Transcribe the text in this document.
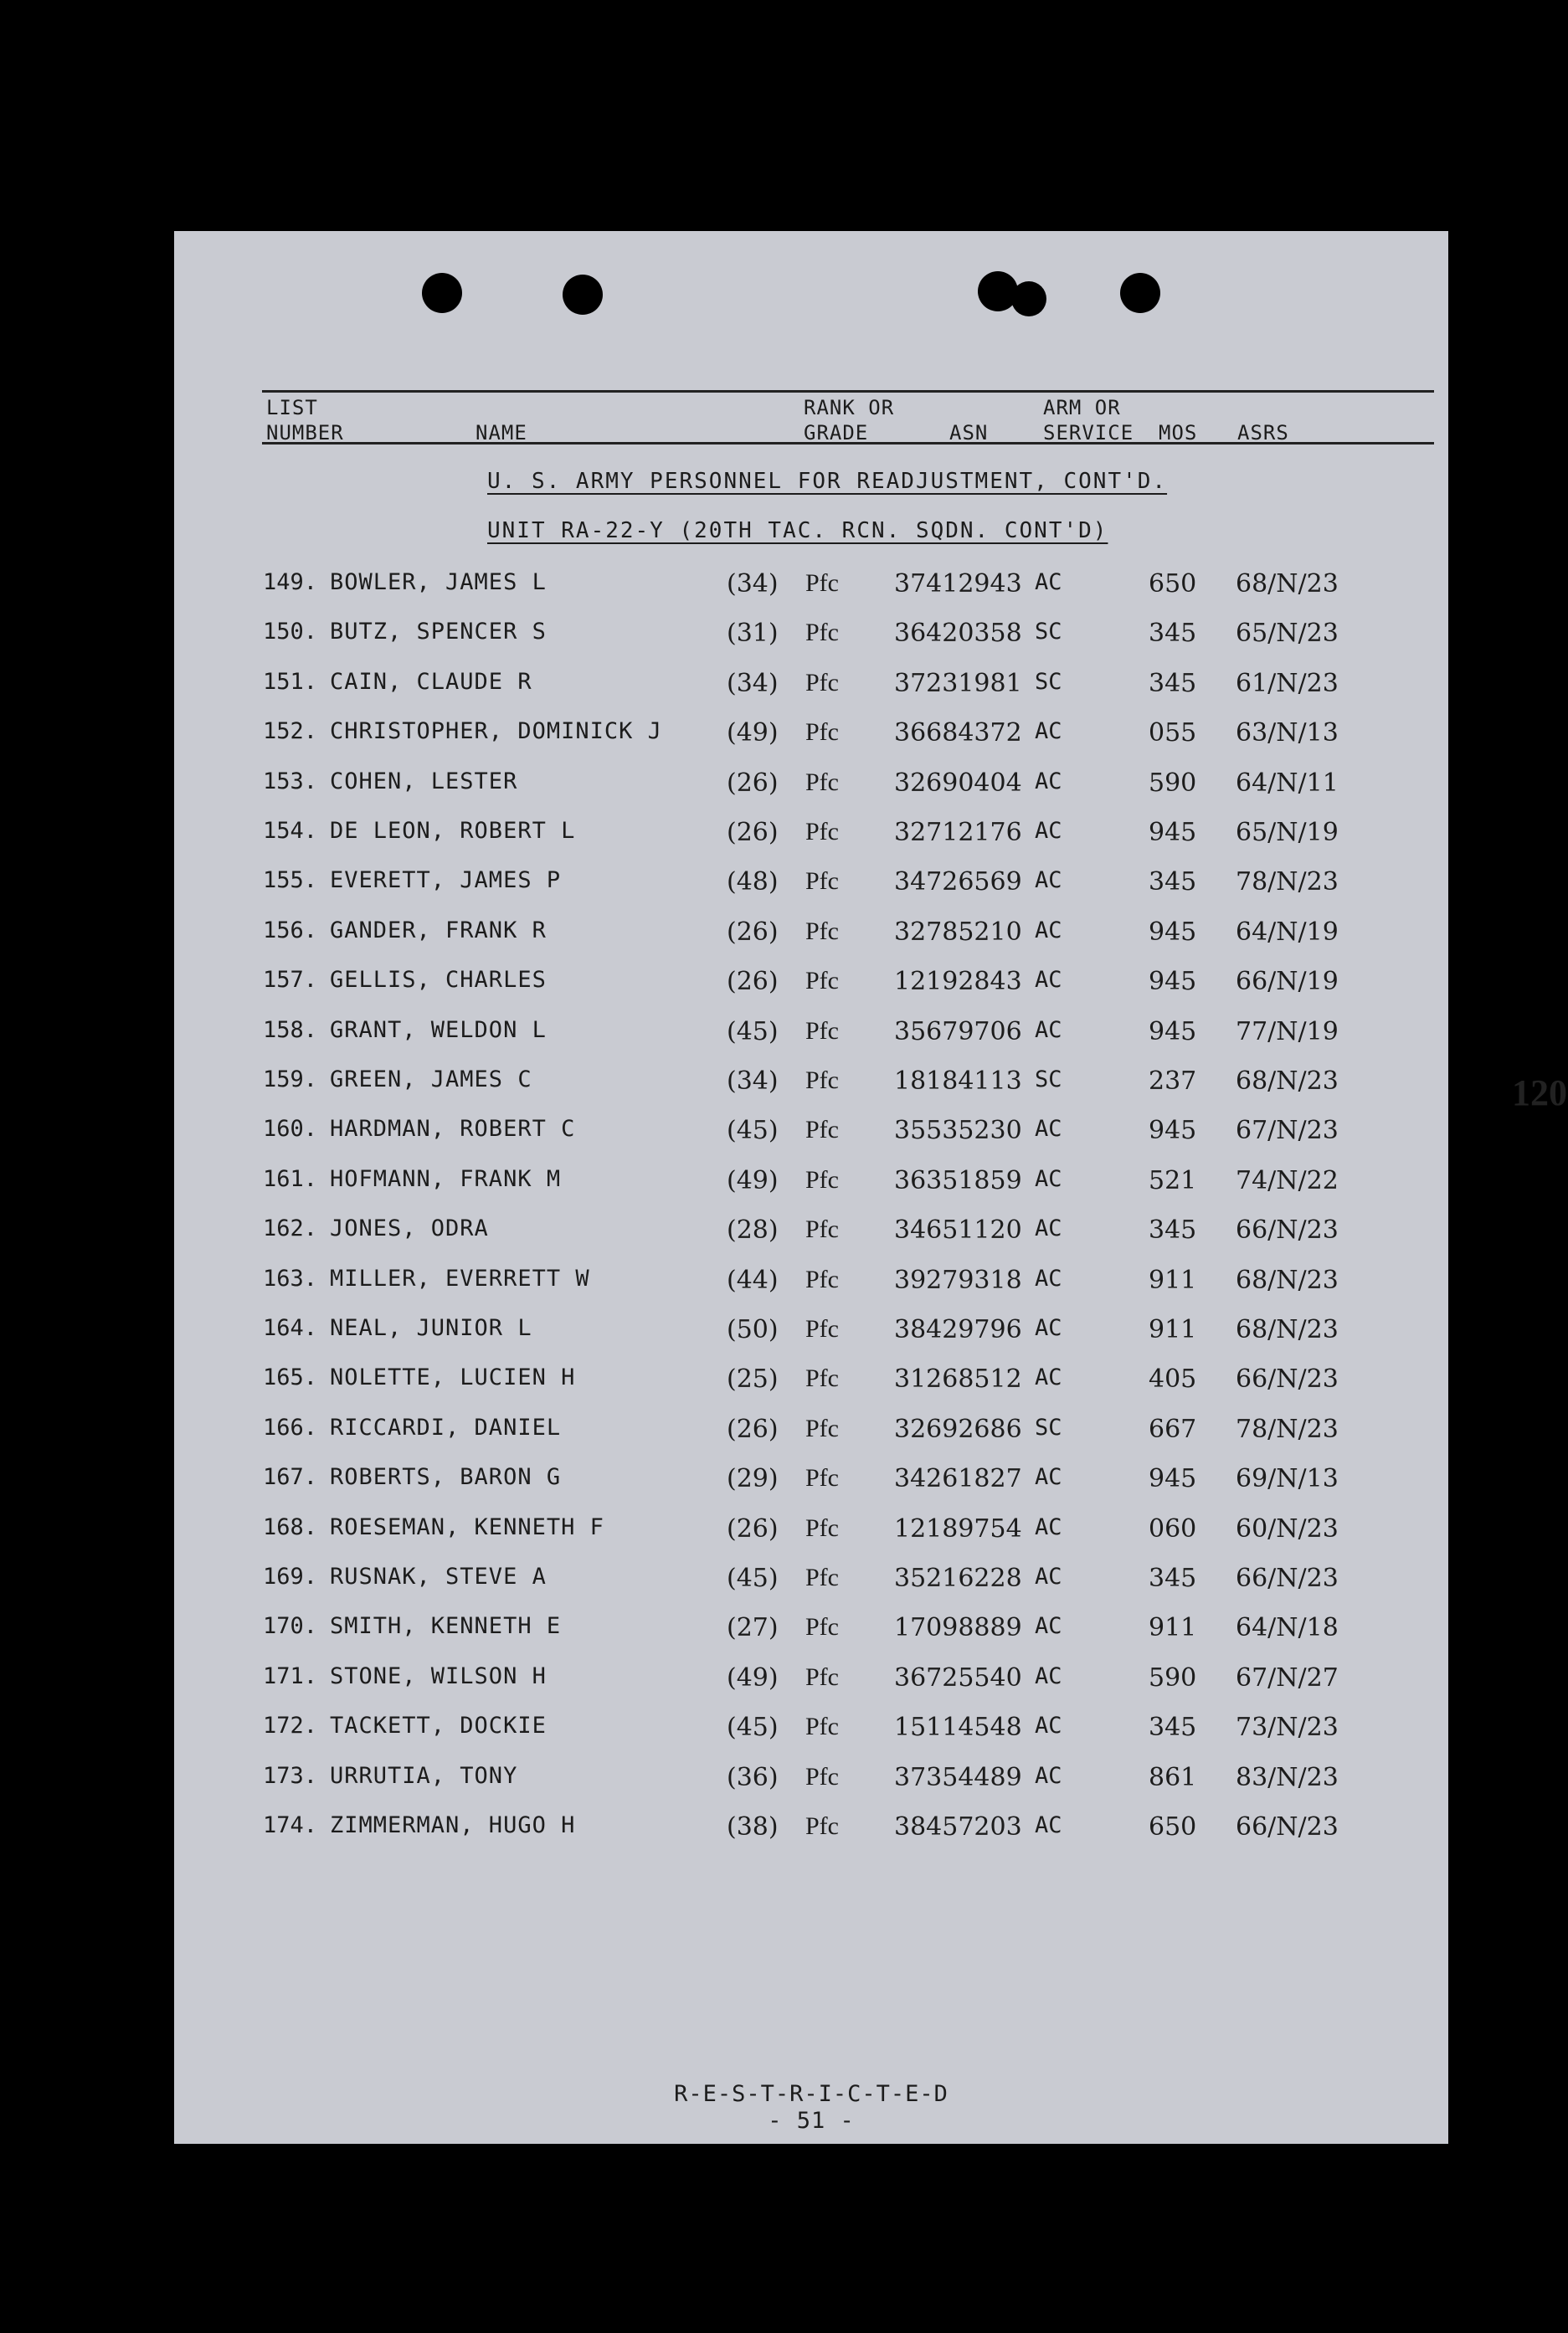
LIST
NUMBER	NAME
RANK OR
GRADE	ASN
ARM OR
SERVICE MOS ASRS
U. S. ARMY PERSONNEL FOR READJUSTMENT, CONT'D.
UNIT RA-22-Y (20TH TAC. RCN. SQDN. CONT'D)
149. BOWLER, JAMES L	(34) Pfc 37412943 AC	650 68/N/23
150. BUTZ, SPENCER S	(31) Pfc 36420358 SC	345 65/N/23
151. CAIN, CLAUDE R	(34) Pfc 37231981 SC	345 61/N/23
152. CHRISTOPHER, DOMINICK J	(49) Pfc 36684372 AC	055 63/N/13
153. COHEN, LESTER	(26) Pfc 32690404 AC	590 64/N/11
154. DE LEON, ROBERT L	(26) Pfc 32712176 AC	945 65/N/19
155. EVERETT, JAMES P	(48) Pfc 34726569 AC	345 78/N/23
156. GANDER, FRANK R	(26) Pfc 32785210 AC	945 64/N/19
157. GELLIS, CHARLES	(26) Pfc 12192843 AC	945 66/N/19
158. GRANT, WELDON L	(45) Pfc 35679706 AC	945 77/N/19
159. GREEN, JAMES C	(34) Pfc 18184113 SC	237 68/N/23
160. HARDMAN, ROBERT C	(45) Pfc 35535230 AC	945 67/N/23
161. HOFMANN, FRANK M	(49) Pfc 36351859 AC	521 74/N/22
162. JONES, ODRA	(28) Pfc 34651120 AC	345 66/N/23
163. MILLER, EVERRETT W	(44) Pfc 39279318 AC	911 68/N/23
164. NEAL, JUNIOR L	(50) Pfc 38429796 AC	911 68/N/23
165. NOLETTE, LUCIEN H	(25) Pfc 31268512 AC	405 66/N/23
166. RICCARDI, DANIEL	(26) Pfc 32692686 SC	667 78/N/23
167. ROBERTS, BARON G	(29) Pfc 34261827 AC	945 69/N/13
168. ROESEMAN, KENNETH F	(26) Pfc 12189754 AC	060 60/N/23
169. RUSNAK, STEVE A	(45) Pfc 35216228 AC	345 66/N/23
170. SMITH, KENNETH E	(27) Pfc 17098889 AC	911 64/N/18
171. STONE, WILSON H	(49) Pfc 36725540 AC	590 67/N/27
172. TACKETT, DOCKIE	(45) Pfc 15114548 AC	345 73/N/23
173. URRUTIA, TONY	(36) Pfc 37354489 AC	861 83/N/23
174. ZIMMERMAN, HUGO H	(38) Pfc 38457203 AC	650 66/N/23
120
R-E-S-T-R-I-C-T-E-D
- 51 -
